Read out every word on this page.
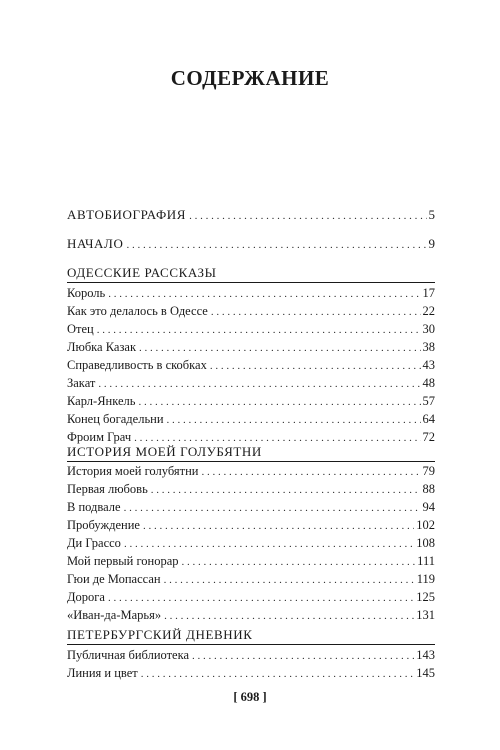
СОДЕРЖАНИЕ
АВТОБИОГРАФИЯ . . .	5
НАЧАЛО . . .	9
ОДЕССКИЕ РАССКАЗЫ
Король . . .	17
Как это делалось в Одессе . . .	22
Отец . . .	30
Любка Казак . . .	38
Справедливость в скобках . . .	43
Закат . . .	48
Карл-Янкель . . .	57
Конец богадельни . . .	64
Фроим Грач . . .	72
ИСТОРИЯ МОЕЙ ГОЛУБЯТНИ
История моей голубятни . . .	79
Первая любовь . . .	88
В подвале . . .	94
Пробуждение . . .	102
Ди Грассо . . .	108
Мой первый гонорар . . .	111
Гюи де Мопассан . . .	119
Дорога . . .	125
«Иван-да-Марья» . . .	131
ПЕТЕРБУРГСКИЙ ДНЕВНИК
Публичная библиотека . . .	143
Линия и цвет . . .	145
[ 698 ]
